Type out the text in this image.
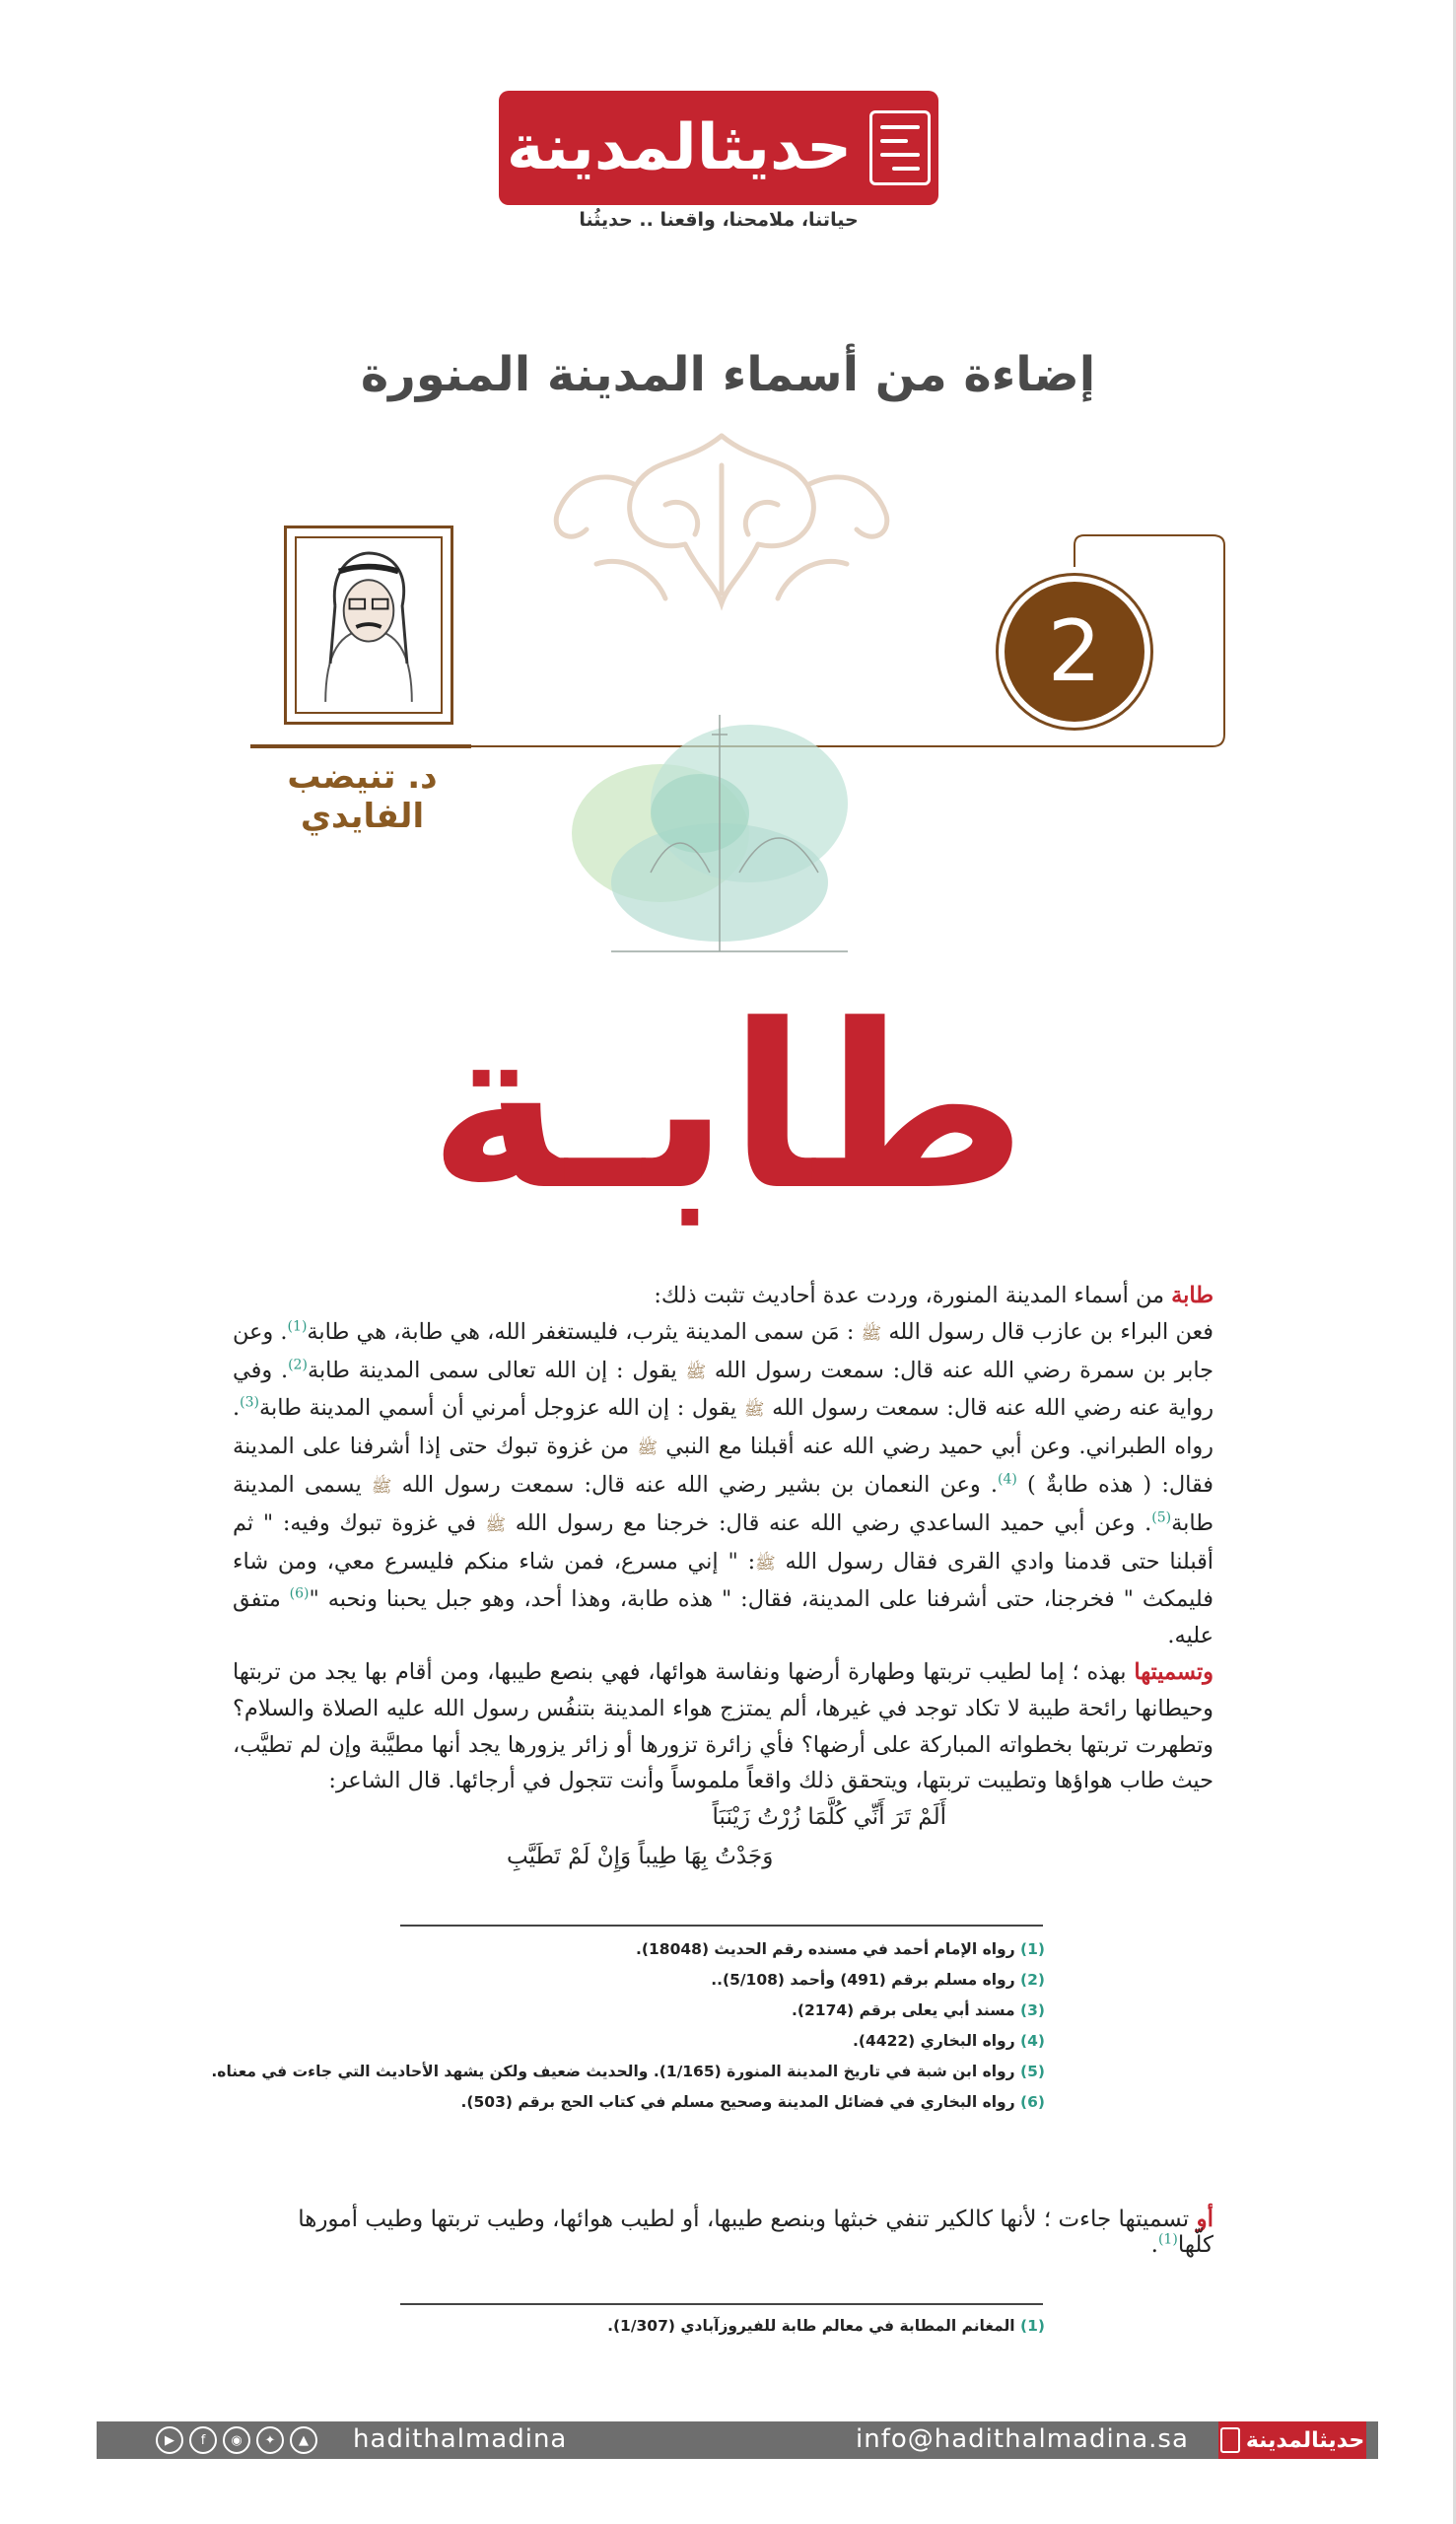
حديثالمدينة
حياتنا، ملامحنا، واقعنا .. حديثُنا
إضاءة من أسماء المدينة المنورة
د. تنيضب الفايدي
2
طابـة

طابة من أسماء المدينة المنورة، وردت عدة أحاديث تثبت ذلك:

فعن البراء بن عازب قال رسول الله ﷺ : مَن سمى المدينة يثرب، فليستغفر الله، هي طابة، هي طابة$^{(1)}$. وعن جابر بن سمرة رضي الله عنه قال: سمعت رسول الله ﷺ يقول : إن الله تعالى سمى المدينة طابة$^{(2)}$. وفي رواية عنه رضي الله عنه قال: سمعت رسول الله ﷺ يقول : إن الله عزوجل أمرني أن أسمي المدينة طابة$^{(3)}$. رواه الطبراني. وعن أبي حميد رضي الله عنه أقبلنا مع النبي ﷺ من غزوة تبوك حتى إذا أشرفنا على المدينة فقال: ( هذه طابةٌ ) $^{(4)}$. وعن النعمان بن بشير رضي الله عنه قال: سمعت رسول الله ﷺ يسمى المدينة طابة$^{(5)}$. وعن أبي حميد الساعدي رضي الله عنه قال: خرجنا مع رسول الله ﷺ في غزوة تبوك وفيه: " ثم أقبلنا حتى قدمنا وادي القرى فقال رسول الله ﷺ: " إني مسرع، فمن شاء منكم فليسرع معي، ومن شاء فليمكث " فخرجنا، حتى أشرفنا على المدينة، فقال: " هذه طابة، وهذا أحد، وهو جبل يحبنا ونحبه "$^{(6)}$ متفق عليه.

وتسميتها بهذه ؛ إما لطيب تربتها وطهارة أرضها ونفاسة هوائها، فهي بنصع طيبها، ومن أقام بها يجد من تربتها وحيطانها رائحة طيبة لا تكاد توجد في غيرها، ألم يمتزج هواء المدينة بتنفُس رسول الله عليه الصلاة والسلام؟ وتطهرت تربتها بخطواته المباركة على أرضها؟ فأي زائرة تزورها أو زائر يزورها يجد أنها مطيَّبة وإن لم تطيَّب، حيث طاب هواؤها وتطيبت تربتها، ويتحقق ذلك واقعاً ملموساً وأنت تتجول في أرجائها. قال الشاعر:

أَلَمْ تَرَ أَنِّي كُلَّمَا زُرْتُ زَيْنَبَاً
وَجَدْتُ بِهَا طِيباً وَإِنْ لَمْ تَطَيَّبِ
(1) رواه الإمام أحمد في مسنده رقم الحديث (18048).
(2) رواه مسلم برقم (491) وأحمد (5/108)..
(3) مسند أبي يعلى برقم (2174).
(4) رواه البخاري (4422).
(5) رواه ابن شبة في تاريخ المدينة المنورة (1/165). والحديث ضعيف ولكن يشهد الأحاديث التي جاءت في معناه.
(6) رواه البخاري في فضائل المدينة وصحيح مسلم في كتاب الحج برقم (503).
أو تسميتها جاءت ؛ لأنها كالكير تنفي خبثها وبنصع طيبها، أو لطيب هوائها، وطيب تربتها وطيب أمورها كلّها$^{(1)}$.
(1) المغانم المطابة في معالم طابة للفيروزآبادي (1/307).
▶	f	◉	✦	▲	hadithalmadina	info@hadithalmadina.sa	حديثالمدينة
